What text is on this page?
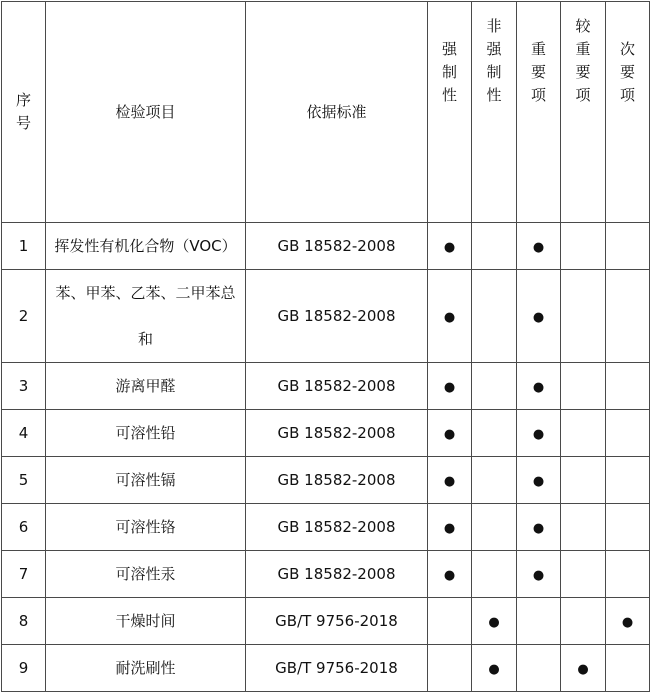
序号	检验项目	依据标准	强制性	非强制性	重要项	较重要项	次要项
1	挥发性有机化合物（VOC）	GB 18582-2008	●		●		
2	苯、甲苯、乙苯、二甲苯总和	GB 18582-2008	●		●		
3	游离甲醛	GB 18582-2008	●		●		
4	可溶性铅	GB 18582-2008	●		●		
5	可溶性镉	GB 18582-2008	●		●		
6	可溶性铬	GB 18582-2008	●		●		
7	可溶性汞	GB 18582-2008	●		●		
8	干燥时间	GB/T 9756-2018		●			●
9	耐洗刷性	GB/T 9756-2018		●		●	
